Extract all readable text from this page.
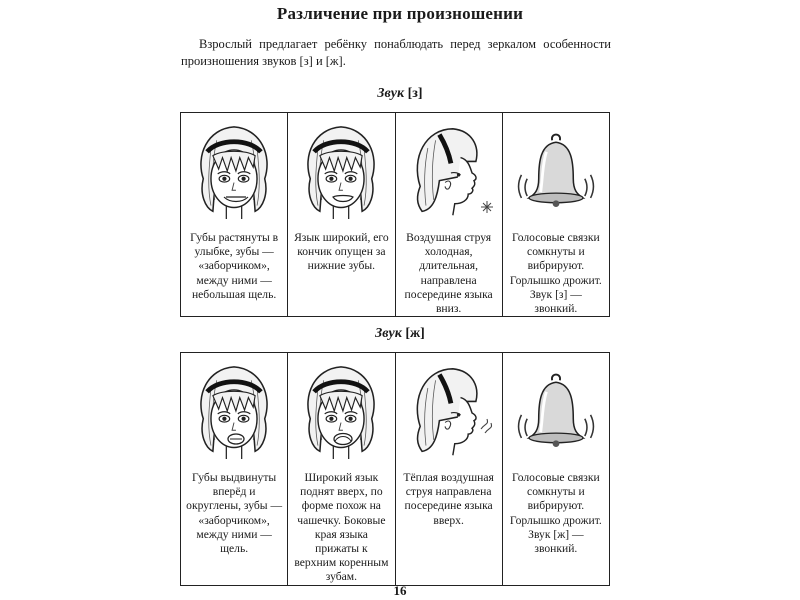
Различение при произношении
Взрослый предлагает ребёнку понаблюдать перед зеркалом особенности произношения звуков [з] и [ж].
Звук [з]
Губы растянуты в улыбке, зубы — «заборчиком», между ними — небольшая щель.

Язык широкий, его кончик опущен за нижние зубы.

Воздушная струя холодная, длительная, направлена посередине языка вниз.

Голосовые связки сомкнуты и вибрируют. Горлышко дрожит. Звук [з] — звонкий.
Звук [ж]
Губы выдвинуты вперёд и округлены, зубы — «заборчиком», между ними — щель.

Широкий язык поднят вверх, по форме похож на чашечку. Боковые края языка прижаты к верхним коренным зубам.

Тёплая воздушная струя направлена посередине языка вверх.

Голосовые связки сомкнуты и вибрируют. Горлышко дрожит. Звук [ж] — звонкий.
16
